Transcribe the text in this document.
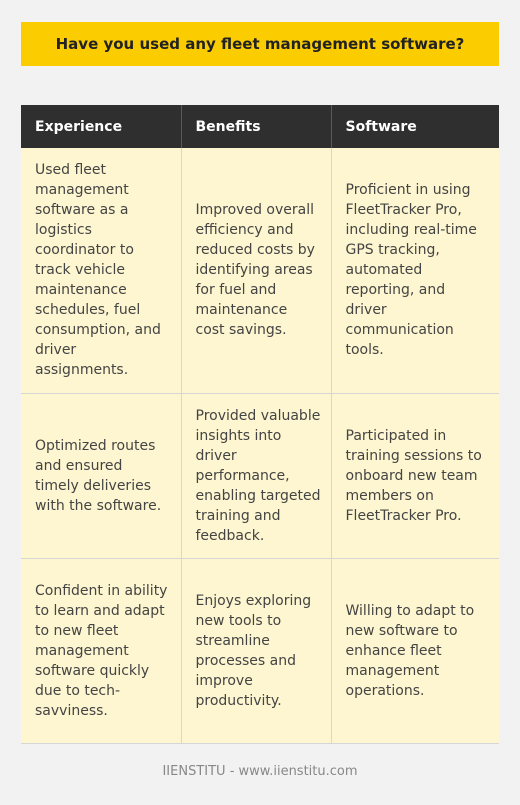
Have you used any fleet management software?
Experience	Benefits	Software
Used fleet management software as a logistics coordinator to track vehicle maintenance schedules, fuel consumption, and driver assignments.	Improved overall efficiency and reduced costs by identifying areas for fuel and maintenance cost savings.	Proficient in using FleetTracker Pro, including real-time GPS tracking, automated reporting, and driver communication tools.
Optimized routes and ensured timely deliveries with the software.	Provided valuable insights into driver performance, enabling targeted training and feedback.	Participated in training sessions to onboard new team members on FleetTracker Pro.
Confident in ability to learn and adapt to new fleet management software quickly due to tech-savviness.	Enjoys exploring new tools to streamline processes and improve productivity.	Willing to adapt to new software to enhance fleet management operations.
IIENSTITU - www.iienstitu.com
